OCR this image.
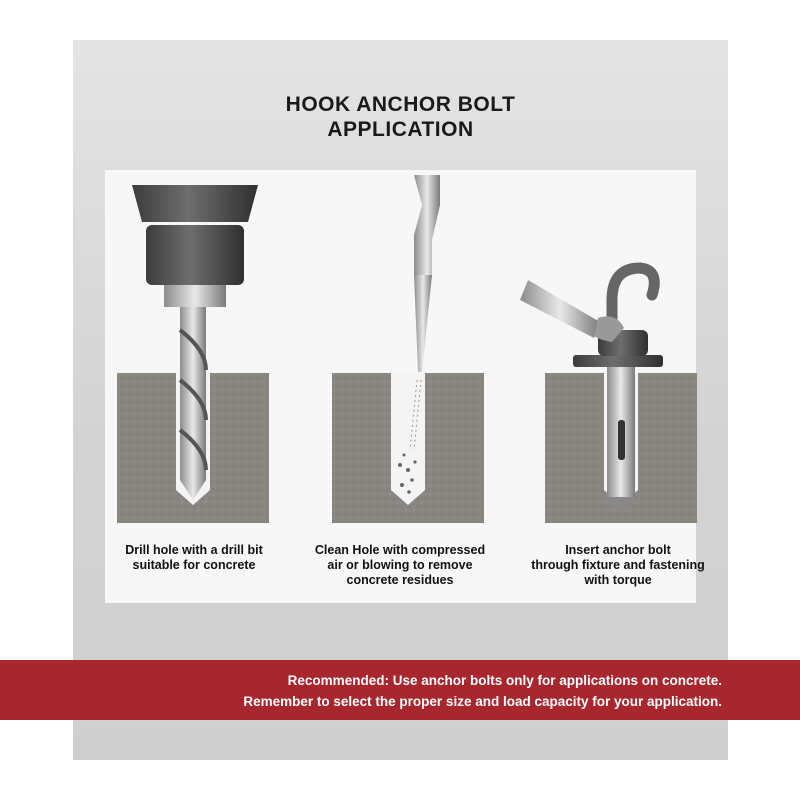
HOOK ANCHOR BOLT
APPLICATION
Drill hole with a drill bit
suitable for concrete
Clean Hole with compressed
air or blowing to remove
concrete residues
Insert anchor bolt
through fixture and fastening
with torque
Recommended: Use anchor bolts only for applications on concrete.
Remember to select the proper size and load capacity for your application.
